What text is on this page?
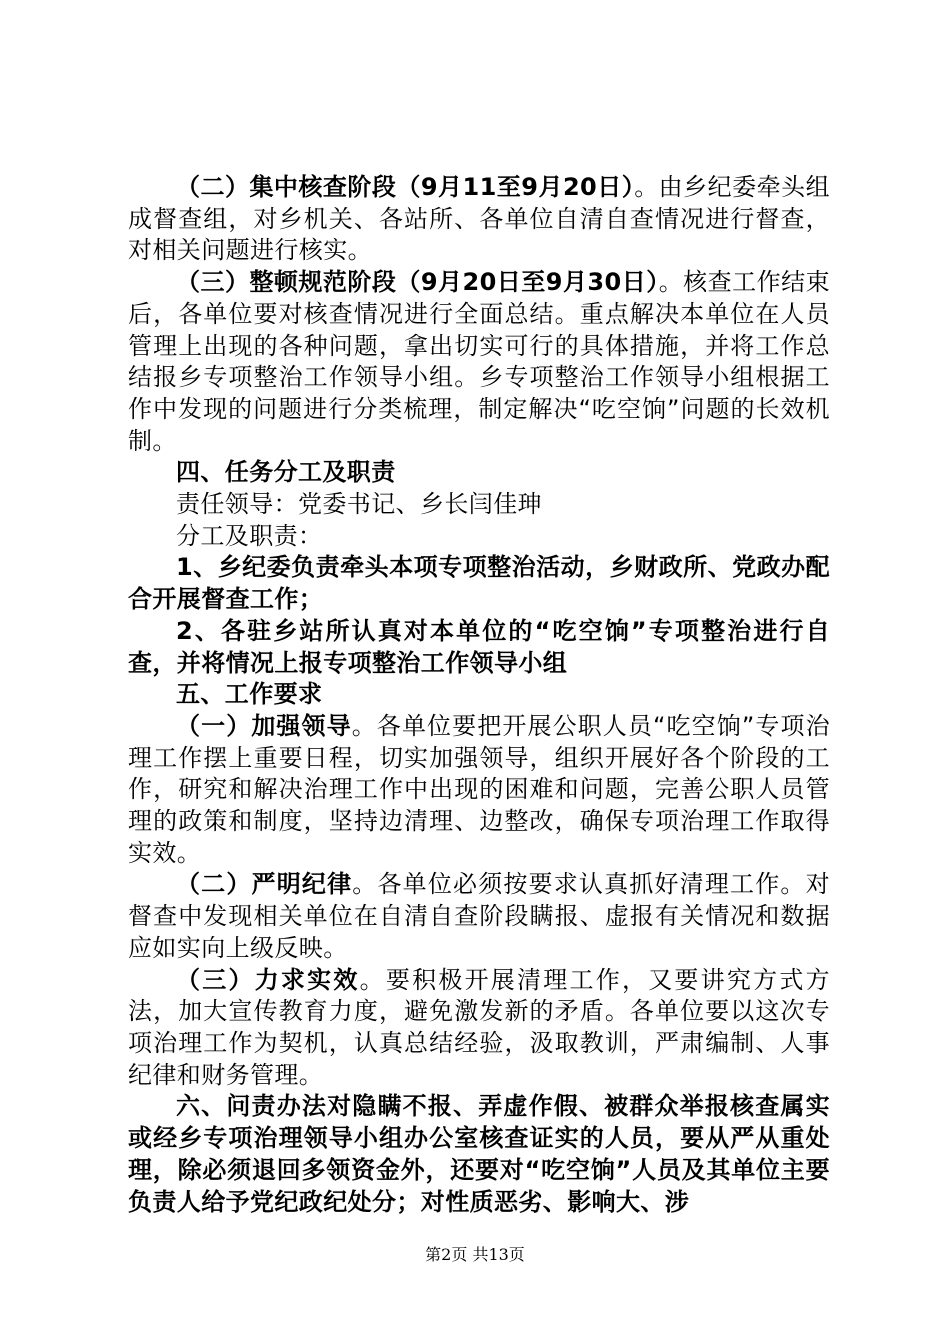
（二）集中核查阶段（9月11至9月20日）。由乡纪委牵头组成督查组，对乡机关、各站所、各单位自清自查情况进行督查，对相关问题进行核实。

（三）整顿规范阶段（9月20日至9月30日）。核查工作结束后，各单位要对核查情况进行全面总结。重点解决本单位在人员管理上出现的各种问题，拿出切实可行的具体措施，并将工作总结报乡专项整治工作领导小组。乡专项整治工作领导小组根据工作中发现的问题进行分类梳理，制定解决“吃空饷”问题的长效机制。

四、任务分工及职责

责任领导：党委书记、乡长闫佳珅

分工及职责：

1、乡纪委负责牵头本项专项整治活动，乡财政所、党政办配合开展督查工作；

2、各驻乡站所认真对本单位的“吃空饷”专项整治进行自查，并将情况上报专项整治工作领导小组

五、工作要求

（一）加强领导。各单位要把开展公职人员“吃空饷”专项治理工作摆上重要日程，切实加强领导，组织开展好各个阶段的工作，研究和解决治理工作中出现的困难和问题，完善公职人员管理的政策和制度，坚持边清理、边整改，确保专项治理工作取得实效。

（二）严明纪律。各单位必须按要求认真抓好清理工作。对督查中发现相关单位在自清自查阶段瞒报、虚报有关情况和数据应如实向上级反映。

（三）力求实效。要积极开展清理工作，又要讲究方式方法，加大宣传教育力度，避免激发新的矛盾。各单位要以这次专项治理工作为契机，认真总结经验，汲取教训，严肃编制、人事纪律和财务管理。

六、问责办法对隐瞒不报、弄虚作假、被群众举报核查属实或经乡专项治理领导小组办公室核查证实的人员，要从严从重处理，除必须退回多领资金外，还要对“吃空饷”人员及其单位主要负责人给予党纪政纪处分；对性质恶劣、影响大、涉

第2页 共13页
